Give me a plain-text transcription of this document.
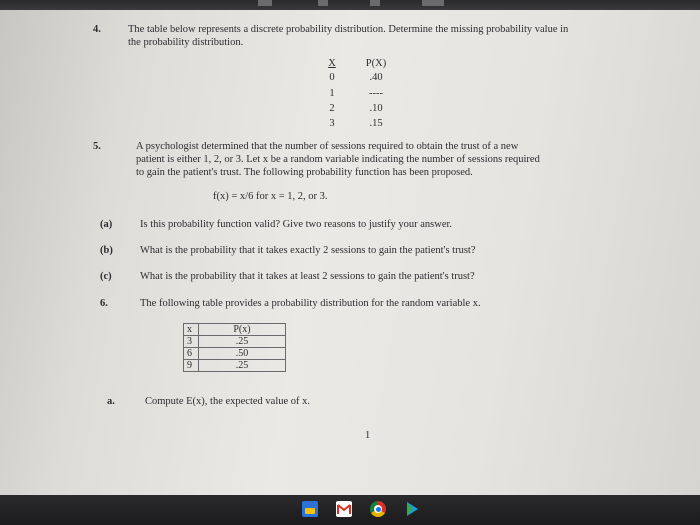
4.	The table below represents a discrete probability distribution. Determine the missing probability value in
the probability distribution.
X	P(X)
0	.40
1	----
2	.10
3	.15
5.	A psychologist determined that the number of sessions required to obtain the trust of a new
patient is either 1, 2, or 3. Let x be a random variable indicating the number of sessions required
to gain the patient's trust. The following probability function has been proposed.
f(x) = x/6 for x = 1, 2, or 3.
(a)	Is this probability function valid? Give two reasons to justify your answer.
(b)	What is the probability that it takes exactly 2 sessions to gain the patient's trust?
(c)	What is the probability that it takes at least 2 sessions to gain the patient's trust?
6.	The following table provides a probability distribution for the random variable x.
x	P(x)
3	.25
6	.50
9	.25
a.	Compute E(x), the expected value of x.
1
